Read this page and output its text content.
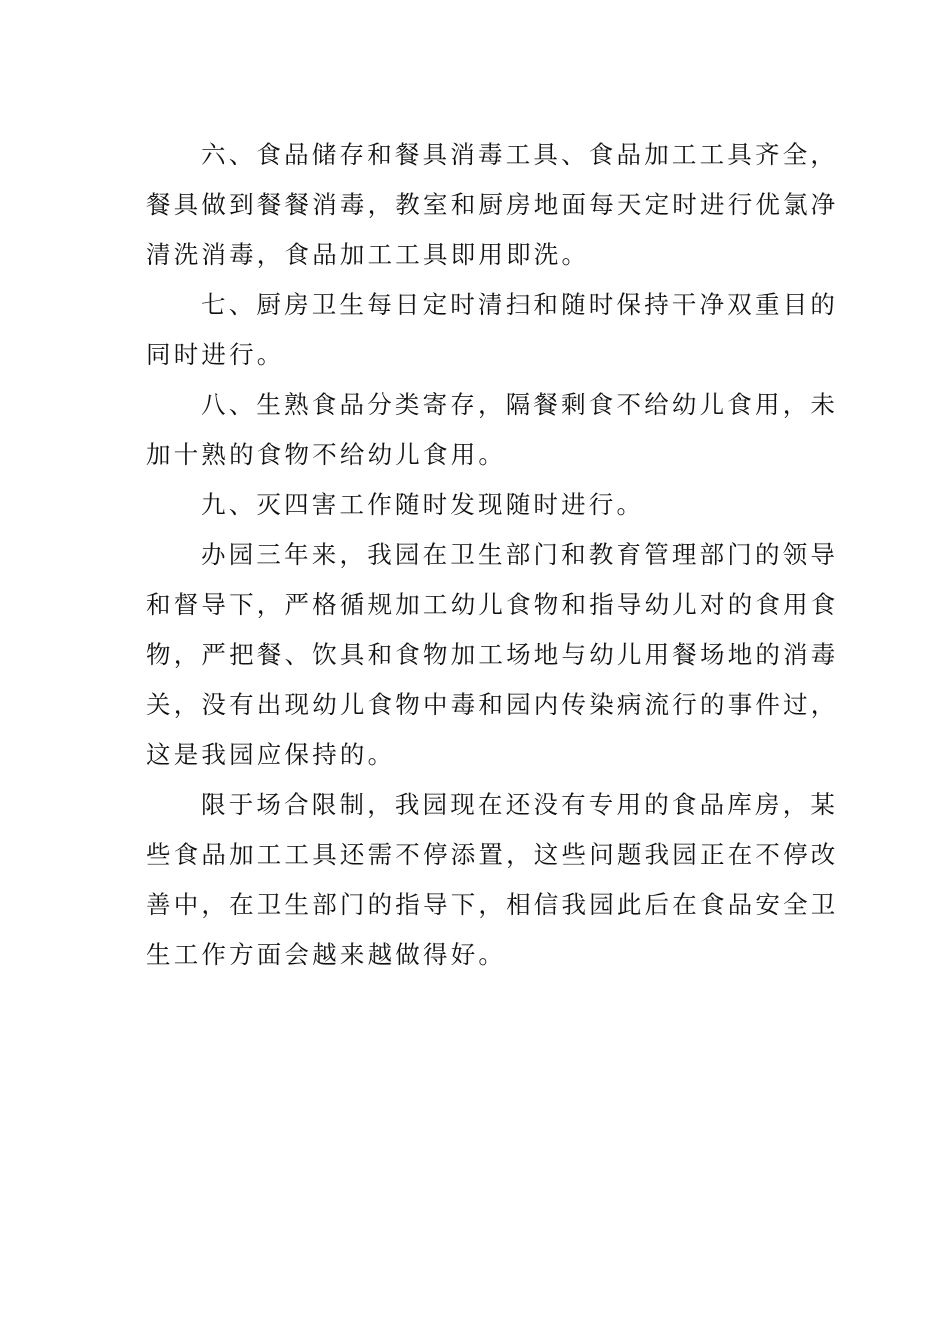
六、食品储存和餐具消毒工具、食品加工工具齐全，
餐具做到餐餐消毒，教室和厨房地面每天定时进行优氯净
清洗消毒，食品加工工具即用即洗。
七、厨房卫生每日定时清扫和随时保持干净双重目的
同时进行。
八、生熟食品分类寄存，隔餐剩食不给幼儿食用，未
加十熟的食物不给幼儿食用。
九、灭四害工作随时发现随时进行。
办园三年来，我园在卫生部门和教育管理部门的领导
和督导下，严格循规加工幼儿食物和指导幼儿对的食用食
物，严把餐、饮具和食物加工场地与幼儿用餐场地的消毒
关，没有出现幼儿食物中毒和园内传染病流行的事件过，
这是我园应保持的。
限于场合限制，我园现在还没有专用的食品库房，某
些食品加工工具还需不停添置，这些问题我园正在不停改
善中，在卫生部门的指导下，相信我园此后在食品安全卫
生工作方面会越来越做得好。
